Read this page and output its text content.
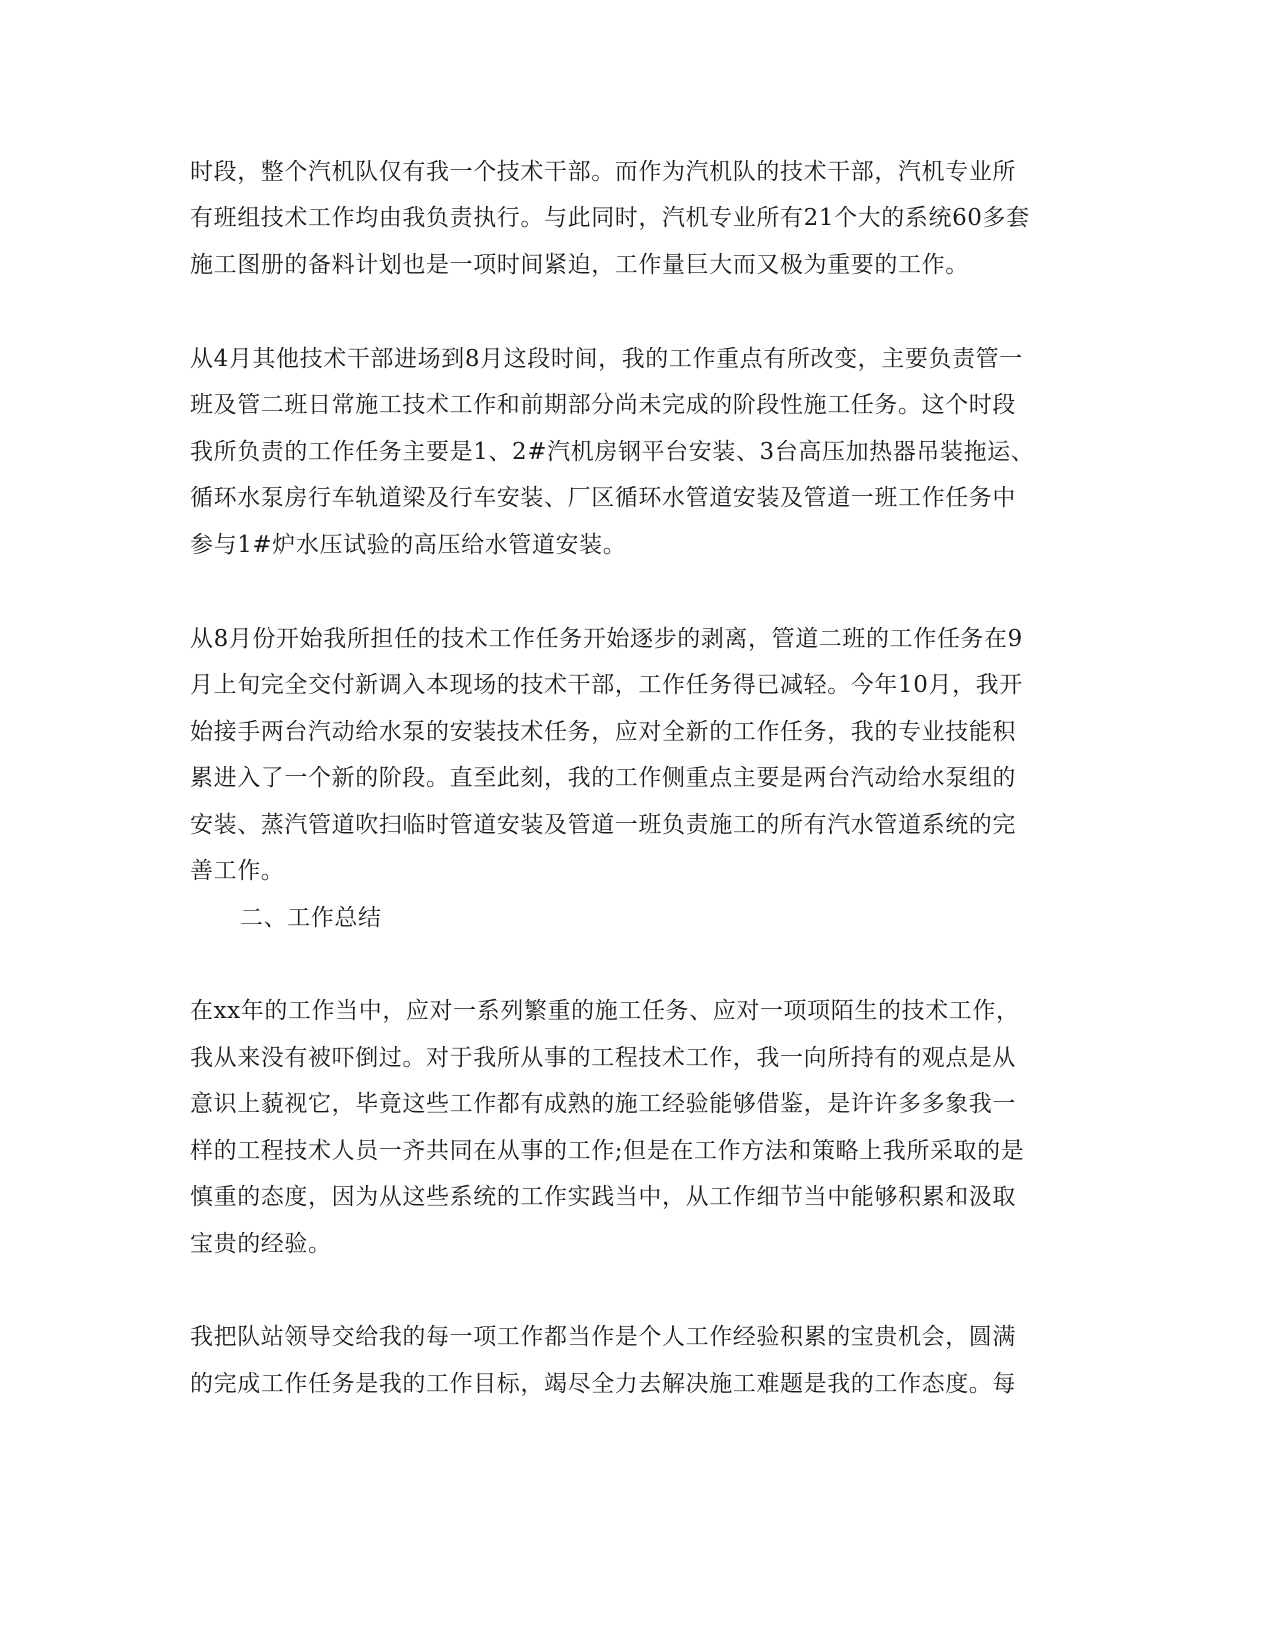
时段，整个汽机队仅有我一个技术干部。而作为汽机队的技术干部，汽机专业所

有班组技术工作均由我负责执行。与此同时，汽机专业所有21个大的系统60多套

施工图册的备料计划也是一项时间紧迫，工作量巨大而又极为重要的工作。

从4月其他技术干部进场到8月这段时间，我的工作重点有所改变，主要负责管一

班及管二班日常施工技术工作和前期部分尚未完成的阶段性施工任务。这个时段

我所负责的工作任务主要是1、2#汽机房钢平台安装、3台高压加热器吊装拖运、

循环水泵房行车轨道梁及行车安装、厂区循环水管道安装及管道一班工作任务中

参与1#炉水压试验的高压给水管道安装。

从8月份开始我所担任的技术工作任务开始逐步的剥离，管道二班的工作任务在9

月上旬完全交付新调入本现场的技术干部，工作任务得已减轻。今年10月，我开

始接手两台汽动给水泵的安装技术任务，应对全新的工作任务，我的专业技能积

累进入了一个新的阶段。直至此刻，我的工作侧重点主要是两台汽动给水泵组的

安装、蒸汽管道吹扫临时管道安装及管道一班负责施工的所有汽水管道系统的完

善工作。

二、工作总结

在xx年的工作当中，应对一系列繁重的施工任务、应对一项项陌生的技术工作，

我从来没有被吓倒过。对于我所从事的工程技术工作，我一向所持有的观点是从

意识上藐视它，毕竟这些工作都有成熟的施工经验能够借鉴，是许许多多象我一

样的工程技术人员一齐共同在从事的工作;但是在工作方法和策略上我所采取的是

慎重的态度，因为从这些系统的工作实践当中，从工作细节当中能够积累和汲取

宝贵的经验。

我把队站领导交给我的每一项工作都当作是个人工作经验积累的宝贵机会，圆满

的完成工作任务是我的工作目标，竭尽全力去解决施工难题是我的工作态度。每
